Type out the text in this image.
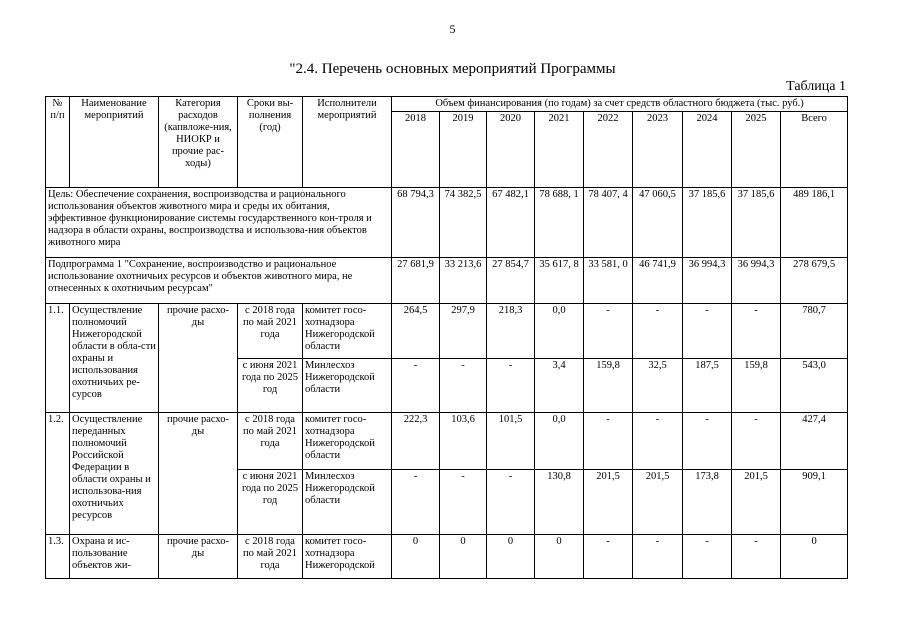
5
"2.4. Перечень основных мероприятий Программы
Таблица 1
№ п/п	Наименование мероприятий	Категория расходов (капвложе-ния, НИОКР и прочие рас-ходы)	Сроки вы-полнения (год)	Исполнители мероприятий	Объем финансирования (по годам) за счет средств областного бюджета (тыс. руб.)								
					2018	2019	2020	2021	2022	2023	2024	2025	Всего
Цель: Обеспечение сохранения, воспроизводства и рационального использования объектов животного мира и среды их обитания, эффективное функционирование системы государственного кон-троля и надзора в области охраны, воспроизводства и использова-ния объектов животного мира					68 794,3	74 382,5	67 482,1	78 688, 1	78 407, 4	47 060,5	37 185,6	37 185,6	489 186,1
Подпрограмма 1 "Сохранение, воспроизводство и рациональное использование охотничьих ресурсов и объектов животного мира, не отнесенных к охотничьим ресурсам"					27 681,9	33 213,6	27 854,7	35 617, 8	33 581, 0	46 741,9	36 994,3	36 994,3	278 679,5
1.1.	Осуществление полномочий Нижегородской области в обла-сти охраны и использования охотничьих ре-сурсов	прочие расхо-ды	с 2018 года по май 2021 года	комитет госо-хотнадзора Нижегородской области	264,5	297,9	218,3	0,0	-	-	-	-	780,7
			с июня 2021 года по 2025 год	Минлесхоз Нижегородской области	-	-	-	3,4	159,8	32,5	187,5	159,8	543,0
1.2.	Осуществление переданных полномочий Российской Федерации в области охраны и использова-ния охотничьих ресурсов	прочие расхо-ды	с 2018 года по май 2021 года	комитет госо-хотнадзора Нижегородской области	222,3	103,6	101,5	0,0	-	-	-	-	427,4
			с июня 2021 года по 2025 год	Минлесхоз Нижегородской области	-	-	-	130,8	201,5	201,5	173,8	201,5	909,1
1.3.	Охрана и ис-пользование объектов жи-	прочие расхо-ды	с 2018 года по май 2021 года	комитет госо-хотнадзора Нижегородской	0	0	0	0	-	-	-	-	0
